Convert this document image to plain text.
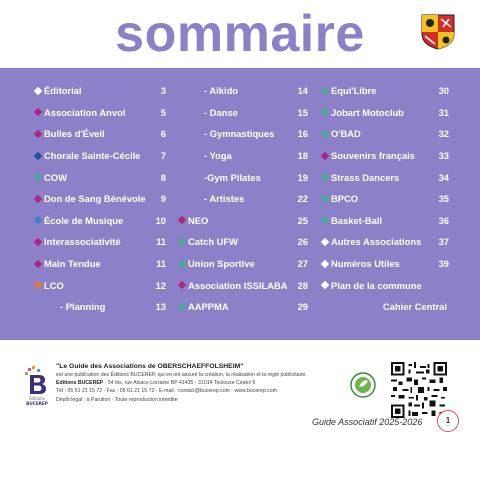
sommaire
Éditorial	3
Association Anvol	5
Bulles d'Éveil	6
Chorale Sainte-Cécile	7
COW	8
Don de Sang Bénévole	9
École de Musique	10
Interassociativité	11
Main Tendue	11
LCO	12
- Planning	13
- Aïkido	14
- Danse	15
- Gymnastiques	16
- Yoga	18
-Gym Pilates	19
- Artistes	22
NEO	25
Catch UFW	26
Union Sportive	27
Association ISSILABA	28
AAPPMA	29
Equi'Libre	30
Jobart Motoclub	31
O'BAD	32
Souvenirs français	33
Strass Dancers	34
BPCO	35
Basket-Ball	36
Autres Associations	37
Numéros Utiles	39
Plan de la commune
Cahier Central
éditions
BUCEREP
"Le Guide des Associations de OBERSCHAEFFOLSHEIM"
est une publication des Éditions BUCEREP, qui en ont assuré la création, la réalisation et la régie publicitaire.
Editions BUCEREP - 54 bis, rue Alsace Lorraine BP 41435 - 31014 Toulouse Cedex 6
Tél : 05 61 21 15 72 - Fax : 05 61 21 15 72 - E-mail : contact@bucerep.com - www.bucerep.com
Dépôt légal : à Parution · Toute reproduction interdite
Guide Associatif 2025-2026	1
